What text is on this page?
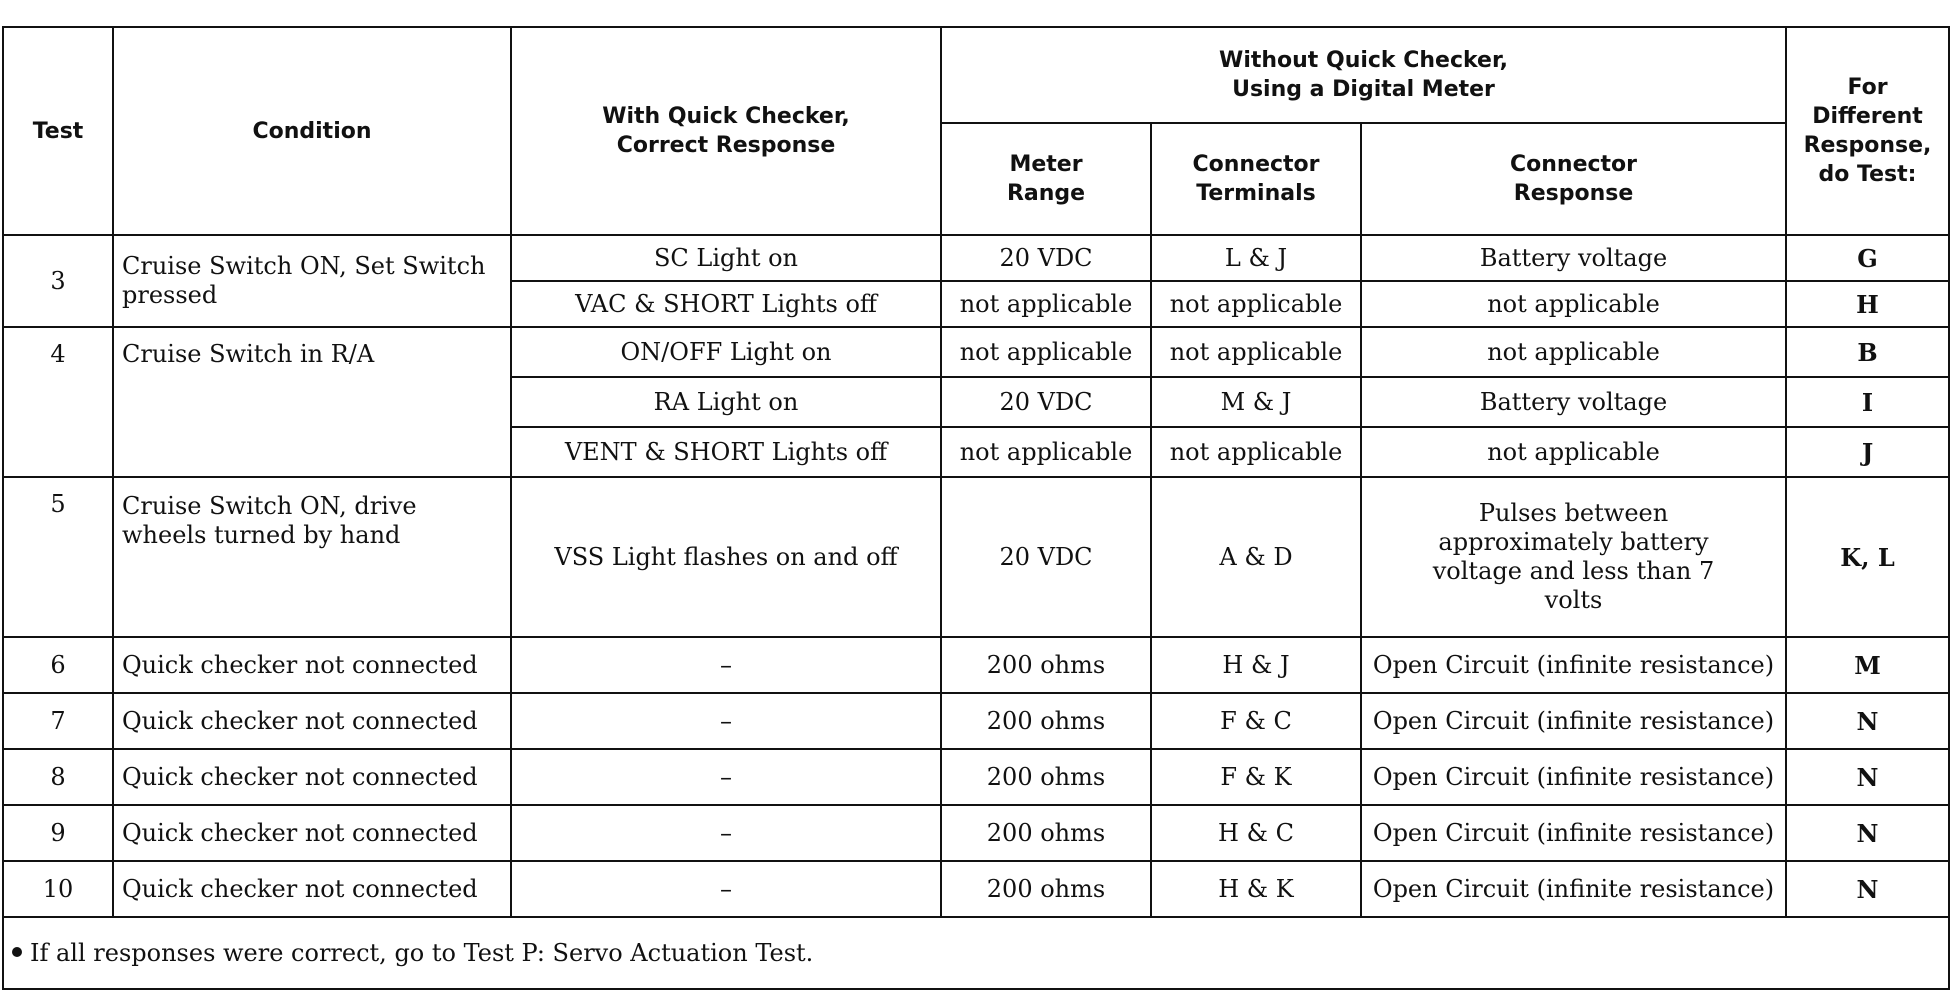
Test	Condition	With Quick Checker, Correct Response	Without Quick Checker, Using a Digital Meter			For Different Response, do Test:
			Meter Range	Connector Terminals	Connector Response	
3	Cruise Switch ON, Set Switch pressed	SC Light on	20 VDC	L & J	Battery voltage	G
		VAC & SHORT Lights off	not applicable	not applicable	not applicable	H
4	Cruise Switch in R/A	ON/OFF Light on	not applicable	not applicable	not applicable	B
		RA Light on	20 VDC	M & J	Battery voltage	I
		VENT & SHORT Lights off	not applicable	not applicable	not applicable	J
5	Cruise Switch ON, drive wheels turned by hand	VSS Light flashes on and off	20 VDC	A & D	Pulses between approximately battery voltage and less than 7 volts	K, L
6	Quick checker not connected	–	200 ohms	H & J	Open Circuit (infinite resistance)	M
7	Quick checker not connected	–	200 ohms	F & C	Open Circuit (infinite resistance)	N
8	Quick checker not connected	–	200 ohms	F & K	Open Circuit (infinite resistance)	N
9	Quick checker not connected	–	200 ohms	H & C	Open Circuit (infinite resistance)	N
10	Quick checker not connected	–	200 ohms	H & K	Open Circuit (infinite resistance)	N
If all responses were correct, go to Test P: Servo Actuation Test.						
